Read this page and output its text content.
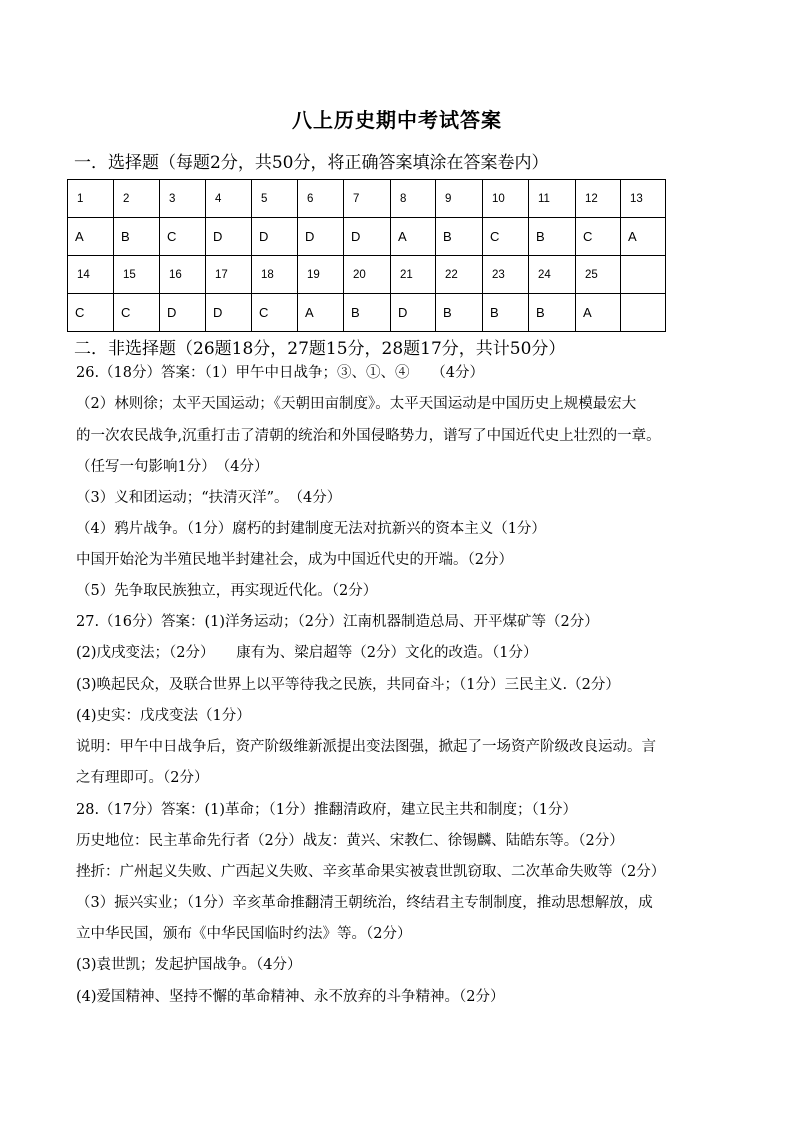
八上历史期中考试答案
一．选择题（每题2分，共50分，将正确答案填涂在答案卷内）
1	2	3	4	5	6	7	8	9	10	11	12	13
A	B	C	D	D	D	D	A	B	C	B	C	A
14	15	16	17	18	19	20	21	22	23	24	25	
C	C	D	D	C	A	B	D	B	B	B	A	
二．非选择题（26题18分，27题15分，28题17分，共计50分）
26.（18分）答案：（1）甲午中日战争；③、①、④　　（4分）
（2）林则徐；太平天国运动；《天朝田亩制度》。太平天国运动是中国历史上规模最宏大
的一次农民战争,沉重打击了清朝的统治和外国侵略势力，谱写了中国近代史上壮烈的一章。
（任写一句影响1分）　（4分）
（3）义和团运动；“扶清灭洋”。　（4分）
（4）鸦片战争。（1分）腐朽的封建制度无法对抗新兴的资本主义（1分）
中国开始沦为半殖民地半封建社会，成为中国近代史的开端。（2分）
（5）先争取民族独立，再实现近代化。（2分）
27.（16分）答案：(1)洋务运动；（2分）江南机器制造总局、开平煤矿等（2分）
(2)戊戌变法；（2分）　　康有为、梁启超等（2分）文化的改造。（1分）
(3)唤起民众，及联合世界上以平等待我之民族，共同奋斗；（1分）三民主义.（2分）
(4)史实：戊戌变法（1分）
说明：甲午中日战争后，资产阶级维新派提出变法图强，掀起了一场资产阶级改良运动。言
之有理即可。（2分）
28.（17分）答案：(1)革命；（1分）推翻清政府，建立民主共和制度；（1分）
历史地位：民主革命先行者（2分）战友：黄兴、宋教仁、徐锡麟、陆皓东等。（2分）
挫折：广州起义失败、广西起义失败、辛亥革命果实被袁世凯窃取、二次革命失败等（2分）
（3）振兴实业；（1分）辛亥革命推翻清王朝统治，终结君主专制制度，推动思想解放，成
立中华民国，颁布《中华民国临时约法》等。（2分）
(3)袁世凯；发起护国战争。（4分）
(4)爱国精神、坚持不懈的革命精神、永不放弃的斗争精神。（2分）
